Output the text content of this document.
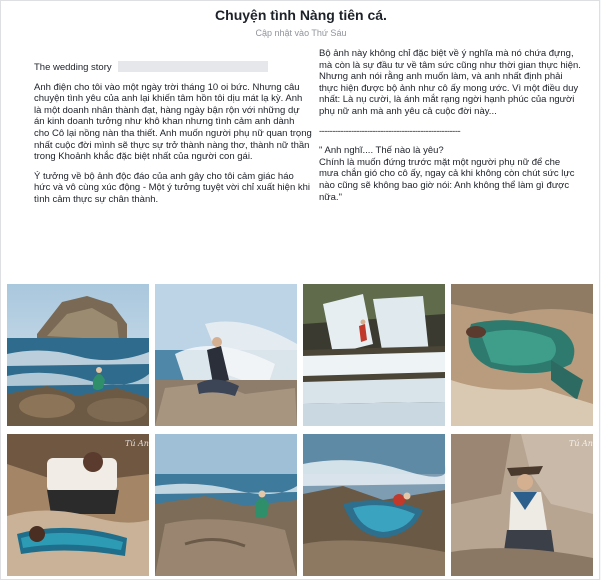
Chuyện tình Nàng tiên cá.
Cập nhật vào Thứ Sáu

The wedding story

Anh điện cho tôi vào một ngày trời tháng 10 oi bức. Nhưng câu chuyện tình yêu của anh lại khiến tâm hồn tôi dịu mát lạ kỳ. Anh là một doanh nhân thành đạt, hàng ngày bận rộn với những dự án kinh doanh tưởng như khô khan nhưng tình cảm anh dành cho Cô lại nồng nàn tha thiết. Anh muốn người phụ nữ quan trọng nhất cuộc đời mình sẽ thực sự trở thành nàng thơ, thành nữ thần trong Khoảnh khắc đặc biệt nhất của người con gái.

Ý tưởng về bộ ảnh độc đáo của anh gây cho tôi cảm giác háo hức và vô cùng xúc động - Một ý tưởng tuyệt vời chỉ xuất hiện khi tình cảm thực sự chân thành.

Bộ ảnh này không chỉ đặc biệt về ý nghĩa mà nó chứa đựng, mà còn là sự đầu tư về tâm sức cũng như thời gian thực hiện. Nhưng anh nói rằng anh muốn làm, và anh nhất định phải thực hiện được bộ ảnh như cô ấy mong ước. Vì một điều duy nhất: Là nụ cười, là ánh mắt rạng ngời hạnh phúc của người phụ nữ anh mà anh yêu cả cuộc đời này...

-----------------------------------------------------

" Anh nghĩ.... Thế nào là yêu?

Chính là muốn đứng trước mặt một người phụ nữ để che mưa chắn gió cho cô ấy, ngay cả khi không còn chút sức lực nào cũng sẽ không bao giờ nói: Anh không thể làm gì được nữa."

Tú Anh	Tú Anh
